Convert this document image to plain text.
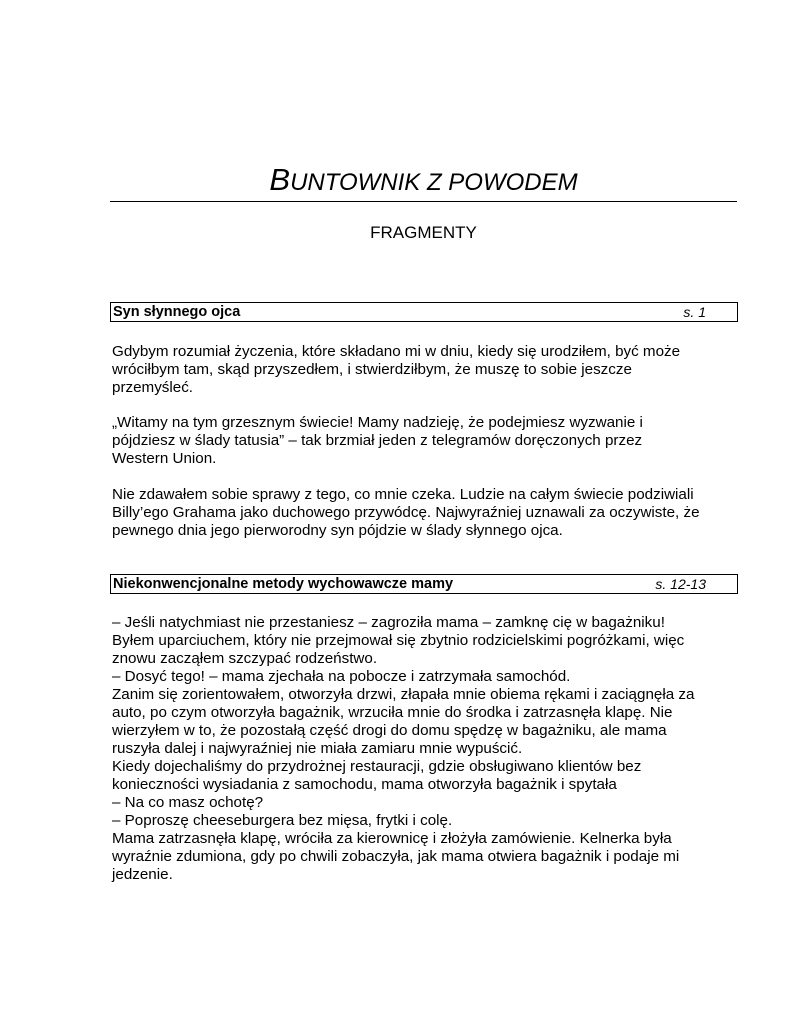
BUNTOWNIK Z POWODEM
FRAGMENTY
Syn słynnego ojca	s. 1
Gdybym rozumiał życzenia, które składano mi w dniu, kiedy się urodziłem, być może
wróciłbym tam, skąd przyszedłem, i stwierdziłbym, że muszę to sobie jeszcze
przemyśleć.
„Witamy na tym grzesznym świecie! Mamy nadzieję, że podejmiesz wyzwanie i
pójdziesz w ślady tatusia” – tak brzmiał jeden z telegramów doręczonych przez
Western Union.
Nie zdawałem sobie sprawy z tego, co mnie czeka. Ludzie na całym świecie podziwiali
Billy’ego Grahama jako duchowego przywódcę. Najwyraźniej uznawali za oczywiste, że
pewnego dnia jego pierworodny syn pójdzie w ślady słynnego ojca.
Niekonwencjonalne metody wychowawcze mamy	s. 12-13
– Jeśli natychmiast nie przestaniesz – zagroziła mama – zamknę cię w bagażniku!
Byłem uparciuchem, który nie przejmował się zbytnio rodzicielskimi pogróżkami, więc
znowu zacząłem szczypać rodzeństwo.
– Dosyć tego! – mama zjechała na pobocze i zatrzymała samochód.
Zanim się zorientowałem, otworzyła drzwi, złapała mnie obiema rękami i zaciągnęła za
auto, po czym otworzyła bagażnik, wrzuciła mnie do środka i zatrzasnęła klapę. Nie
wierzyłem w to, że pozostałą część drogi do domu spędzę w bagażniku, ale mama
ruszyła dalej i najwyraźniej nie miała zamiaru mnie wypuścić.
Kiedy dojechaliśmy do przydrożnej restauracji, gdzie obsługiwano klientów bez
konieczności wysiadania z samochodu, mama otworzyła bagażnik i spytała
– Na co masz ochotę?
– Poproszę cheeseburgera bez mięsa, frytki i colę.
Mama zatrzasnęła klapę, wróciła za kierownicę i złożyła zamówienie. Kelnerka była
wyraźnie zdumiona, gdy po chwili zobaczyła, jak mama otwiera bagażnik i podaje mi
jedzenie.
